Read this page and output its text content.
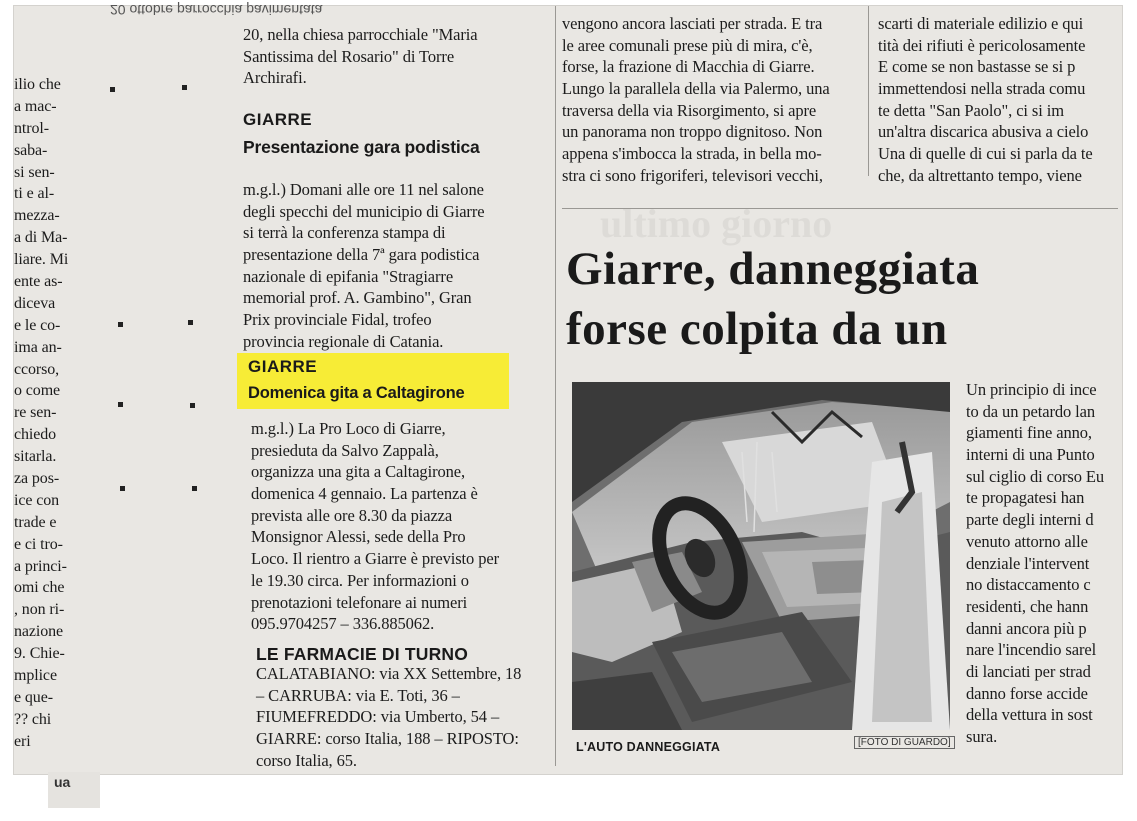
ua
20 ottobre parrocchia pavimentata
ilio che
a mac-
ntrol-
saba-
si sen-
ti e al-
mezza-
a di Ma-
liare. Mi
ente as-
diceva
e le co-
ima an-
ccorso,
o come
re sen-
chiedo
sitarla.
za pos-
ice con
trade e
e ci tro-
a princi-
omi che
, non ri-
nazione
9. Chie-
mplice
e que-
?? chi
eri
20, nella chiesa parrocchiale "Maria
Santissima del Rosario" di Torre
Archirafi.
GIARRE
Presentazione gara podistica
m.g.l.) Domani alle ore 11 nel salone
degli specchi del municipio di Giarre
si terrà la conferenza stampa di
presentazione della 7ª gara podistica
nazionale di epifania "Stragiarre
memorial prof. A. Gambino", Gran
Prix provinciale Fidal, trofeo
provincia regionale di Catania.
GIARRE
Domenica gita a Caltagirone
m.g.l.) La Pro Loco di Giarre,
presieduta da Salvo Zappalà,
organizza una gita a Caltagirone,
domenica 4 gennaio. La partenza è
prevista alle ore 8.30 da piazza
Monsignor Alessi, sede della Pro
Loco. Il rientro a Giarre è previsto per
le 19.30 circa. Per informazioni o
prenotazioni telefonare ai numeri
095.9704257 – 336.885062.
LE FARMACIE DI TURNO
CALATABIANO: via XX Settembre, 18
– CARRUBA: via E. Toti, 36 –
FIUMEFREDDO: via Umberto, 54 –
GIARRE: corso Italia, 188 – RIPOSTO:
corso Italia, 65.
vengono ancora lasciati per strada. E tra
le aree comunali prese più di mira, c'è,
forse, la frazione di Macchia di Giarre.
Lungo la parallela della via Palermo, una
traversa della via Risorgimento, si apre
un panorama non troppo dignitoso. Non
appena s'imbocca la strada, in bella mo-
stra ci sono frigoriferi, televisori vecchi,
scarti di materiale edilizio e qui
tità dei rifiuti è pericolosamente
E come se non bastasse se si p
immettendosi nella strada comu
te detta "San Paolo", ci si im
un'altra discarica abusiva a cielo
Una di quelle di cui si parla da te
che, da altrettanto tempo, viene
ultimo giorno
Giarre, danneggiata
forse colpita da un
L'AUTO DANNEGGIATA	[FOTO DI GUARDO]
Un principio di ince
to da un petardo lan
giamenti fine anno,
interni di una Punto
sul ciglio di corso Eu
te propagatesi han
parte degli interni d
venuto attorno alle
denziale l'intervent
no distaccamento c
residenti, che hann
danni ancora più p
nare l'incendio sarel
di lanciati per strad
danno forse accide
della vettura in sost
sura.
